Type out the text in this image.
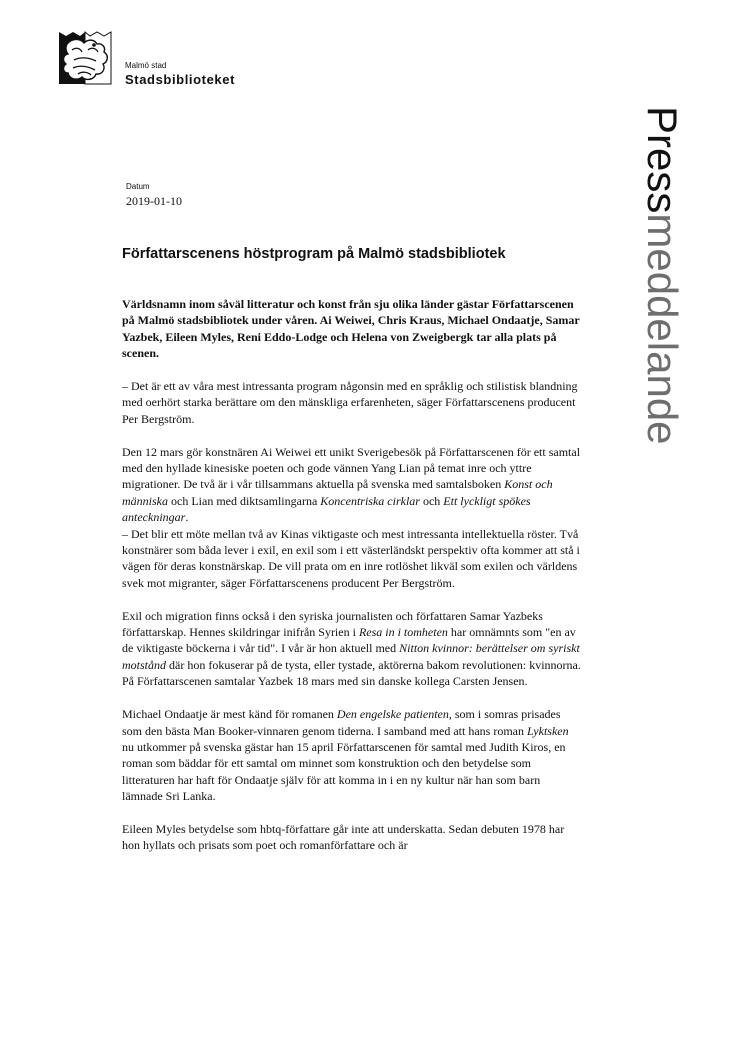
Malmö stad
Stadsbiblioteket
Pressmeddelande
Datum
2019-01-10
Författarscenens höstprogram på Malmö stadsbibliotek

Världsnamn inom såväl litteratur och konst från sju olika länder gästar Författarscenen på Malmö stadsbibliotek under våren. Ai Weiwei, Chris Kraus, Michael Ondaatje, Samar Yazbek, Eileen Myles, Reni Eddo-Lodge och Helena von Zweigbergk tar alla plats på scenen.

– Det är ett av våra mest intressanta program någonsin med en språklig och stilistisk blandning med oerhört starka berättare om den mänskliga erfarenheten, säger Författarscenens producent Per Bergström.

Den 12 mars gör konstnären Ai Weiwei ett unikt Sverigebesök på Författarscenen för ett samtal med den hyllade kinesiske poeten och gode vännen Yang Lian på temat inre och yttre migrationer. De två är i vår tillsammans aktuella på svenska med samtalsboken Konst och människa och Lian med diktsamlingarna Koncentriska cirklar och Ett lyckligt spökes anteckningar.
– Det blir ett möte mellan två av Kinas viktigaste och mest intressanta intellektuella röster. Två konstnärer som båda lever i exil, en exil som i ett västerländskt perspektiv ofta kommer att stå i vägen för deras konstnärskap. De vill prata om en inre rotlöshet likväl som exilen och världens svek mot migranter, säger Författarscenens producent Per Bergström.

Exil och migration finns också i den syriska journalisten och författaren Samar Yazbeks författarskap. Hennes skildringar inifrån Syrien i Resa in i tomheten har omnämnts som "en av de viktigaste böckerna i vår tid". I vår är hon aktuell med Nitton kvinnor: berättelser om syriskt motstånd där hon fokuserar på de tysta, eller tystade, aktörerna bakom revolutionen: kvinnorna. På Författarscenen samtalar Yazbek 18 mars med sin danske kollega Carsten Jensen.

Michael Ondaatje är mest känd för romanen Den engelske patienten, som i somras prisades som den bästa Man Booker-vinnaren genom tiderna. I samband med att hans roman Lyktsken nu utkommer på svenska gästar han 15 april Författarscenen för samtal med Judith Kiros, en roman som bäddar för ett samtal om minnet som konstruktion och den betydelse som litteraturen har haft för Ondaatje själv för att komma in i en ny kultur när han som barn lämnade Sri Lanka.

Eileen Myles betydelse som hbtq-författare går inte att underskatta. Sedan debuten 1978 har hon hyllats och prisats som poet och romanförfattare och är
